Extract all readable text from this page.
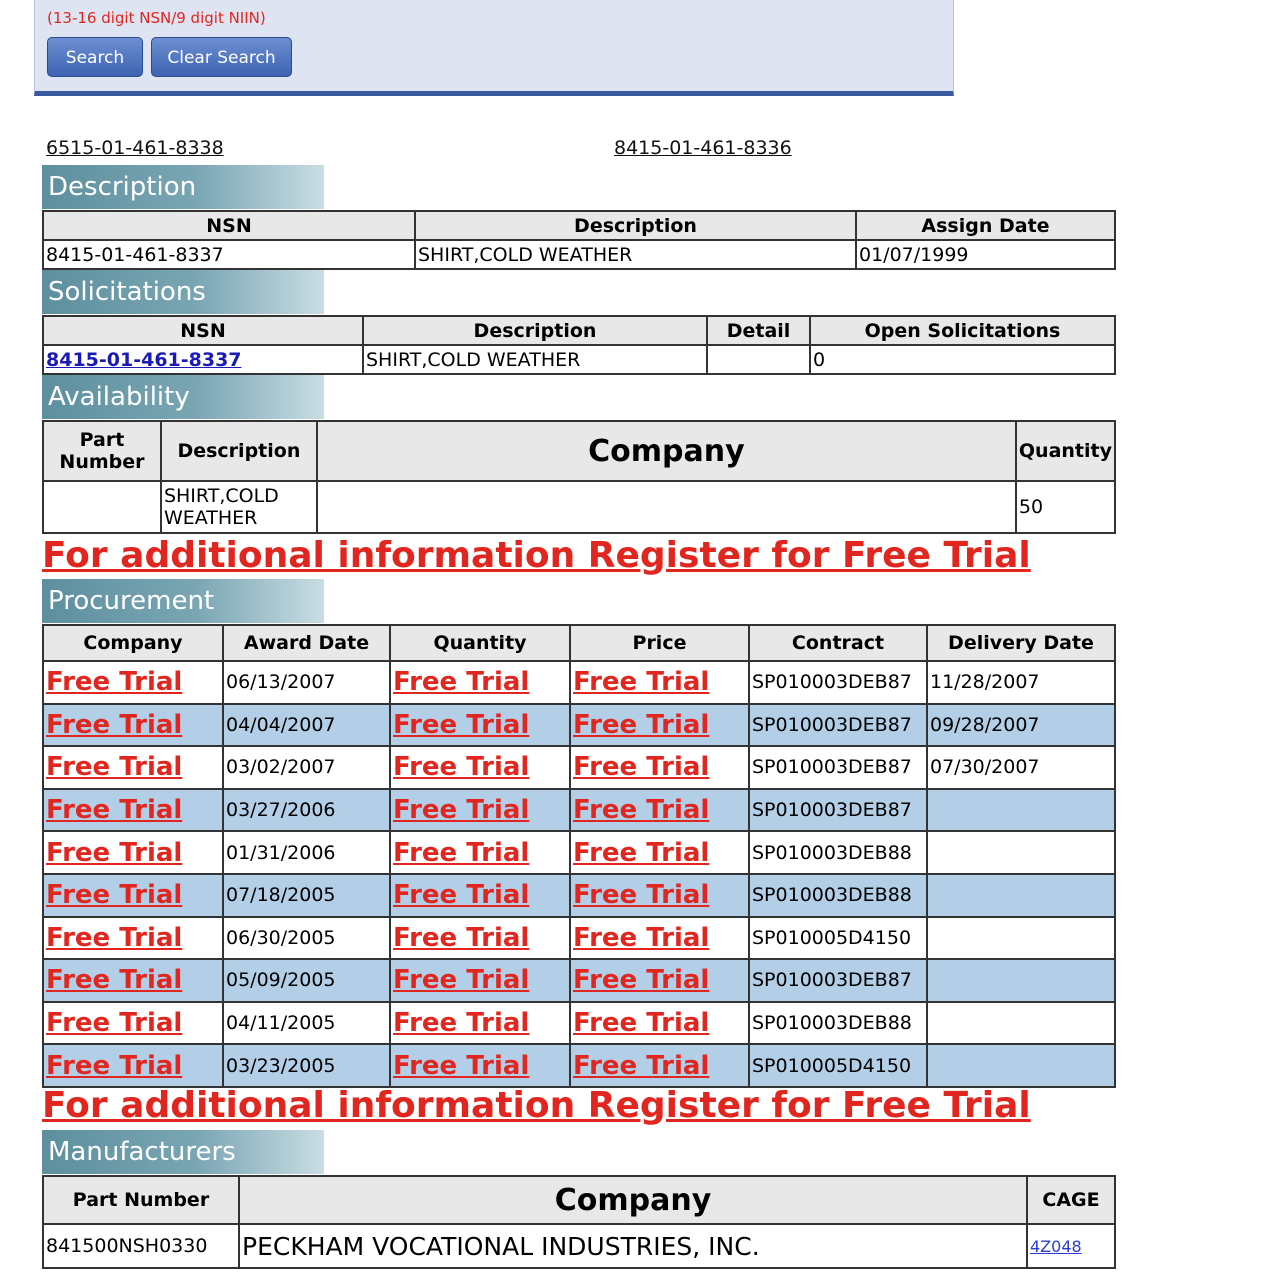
(13-16 digit NSN/9 digit NIIN)
Search	Clear Search
6515-01-461-8338	8415-01-461-8336
Description
NSN	Description	Assign Date
8415-01-461-8337	SHIRT,COLD WEATHER	01/07/1999
Solicitations
NSN	Description	Detail	Open Solicitations
8415-01-461-8337	SHIRT,COLD WEATHER		0
Availability
Part Number	Description	Company	Quantity
	SHIRT,COLD WEATHER		50
For additional information Register for Free Trial
Procurement
Company	Award Date	Quantity	Price	Contract	Delivery Date
Free Trial	06/13/2007	Free Trial	Free Trial	SP010003DEB87	11/28/2007
Free Trial	04/04/2007	Free Trial	Free Trial	SP010003DEB87	09/28/2007
Free Trial	03/02/2007	Free Trial	Free Trial	SP010003DEB87	07/30/2007
Free Trial	03/27/2006	Free Trial	Free Trial	SP010003DEB87	
Free Trial	01/31/2006	Free Trial	Free Trial	SP010003DEB88	
Free Trial	07/18/2005	Free Trial	Free Trial	SP010003DEB88	
Free Trial	06/30/2005	Free Trial	Free Trial	SP010005D4150	
Free Trial	05/09/2005	Free Trial	Free Trial	SP010003DEB87	
Free Trial	04/11/2005	Free Trial	Free Trial	SP010003DEB88	
Free Trial	03/23/2005	Free Trial	Free Trial	SP010005D4150	
For additional information Register for Free Trial
Manufacturers
Part Number	Company	CAGE
841500NSH0330	PECKHAM VOCATIONAL INDUSTRIES, INC.	4Z048
